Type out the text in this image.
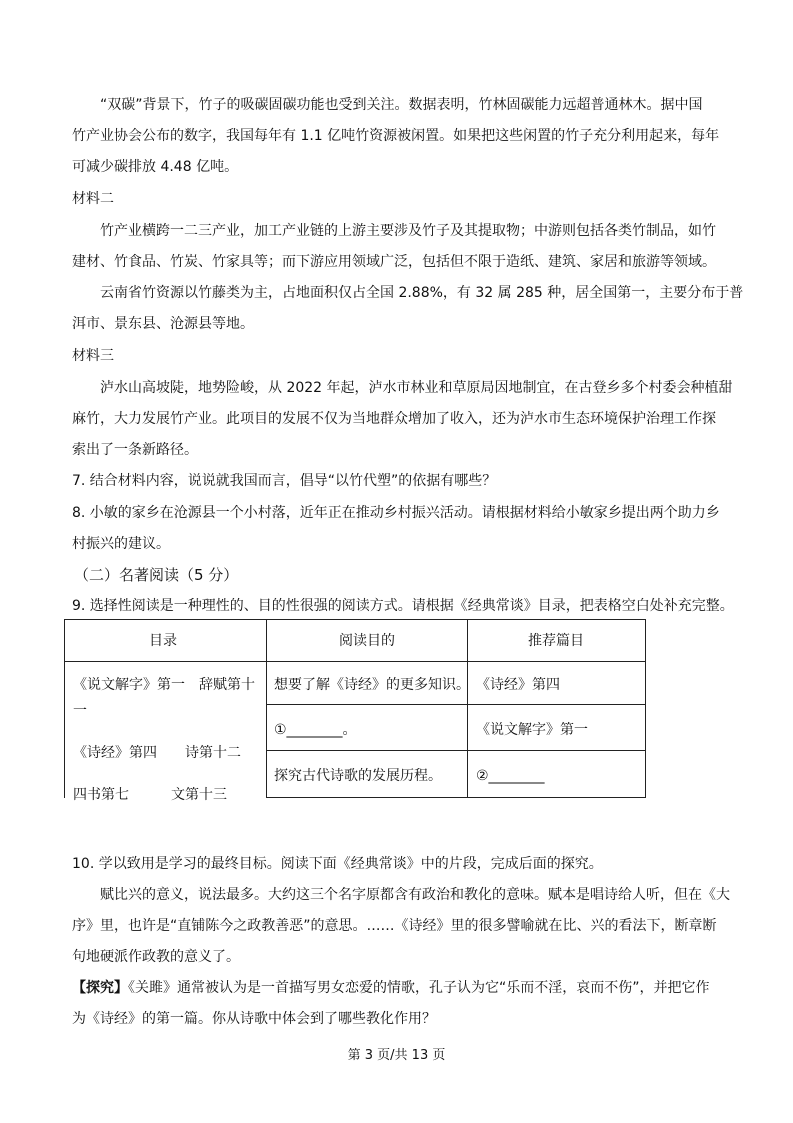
“双碳”背景下，竹子的吸碳固碳功能也受到关注。数据表明，竹林固碳能力远超普通林木。据中国
竹产业协会公布的数字，我国每年有 1.1 亿吨竹资源被闲置。如果把这些闲置的竹子充分利用起来，每年
可减少碳排放 4.48 亿吨。
材料二
竹产业横跨一二三产业，加工产业链的上游主要涉及竹子及其提取物；中游则包括各类竹制品，如竹
建材、竹食品、竹炭、竹家具等；而下游应用领域广泛，包括但不限于造纸、建筑、家居和旅游等领域。
云南省竹资源以竹藤类为主，占地面积仅占全国 2.88%，有 32 属 285 种，居全国第一，主要分布于普
洱市、景东县、沧源县等地。
材料三
泸水山高坡陡，地势险峻，从 2022 年起，泸水市林业和草原局因地制宜，在古登乡多个村委会种植甜
麻竹，大力发展竹产业。此项目的发展不仅为当地群众增加了收入，还为泸水市生态环境保护治理工作探
索出了一条新路径。
7. 结合材料内容，说说就我国而言，倡导“以竹代塑”的依据有哪些？
8. 小敏的家乡在沧源县一个小村落，近年正在推动乡村振兴活动。请根据材料给小敏家乡提出两个助力乡
村振兴的建议。
（二）名著阅读（5 分）
9. 选择性阅读是一种理性的、目的性很强的阅读方式。请根据《经典常谈》目录，把表格空白处补充完整。
目录	阅读目的	推荐篇目
《说文解字》第一　辞赋第十
一
《诗经》第四　　诗第十二
四书第七　　　文第十三
想要了解《诗经》的更多知识。
①________。
探究古代诗歌的发展历程。
《诗经》第四
《说文解字》第一
②________
10. 学以致用是学习的最终目标。阅读下面《经典常谈》中的片段，完成后面的探究。
赋比兴的意义，说法最多。大约这三个名字原都含有政治和教化的意味。赋本是唱诗给人听，但在《大
序》里，也许是“直铺陈今之政教善恶”的意思。……《诗经》里的很多譬喻就在比、兴的看法下，断章断
句地硬派作政教的意义了。
【探究】《关雎》通常被认为是一首描写男女恋爱的情歌，孔子认为它“乐而不淫，哀而不伤”，并把它作
为《诗经》的第一篇。你从诗歌中体会到了哪些教化作用？
第 3 页/共 13 页
